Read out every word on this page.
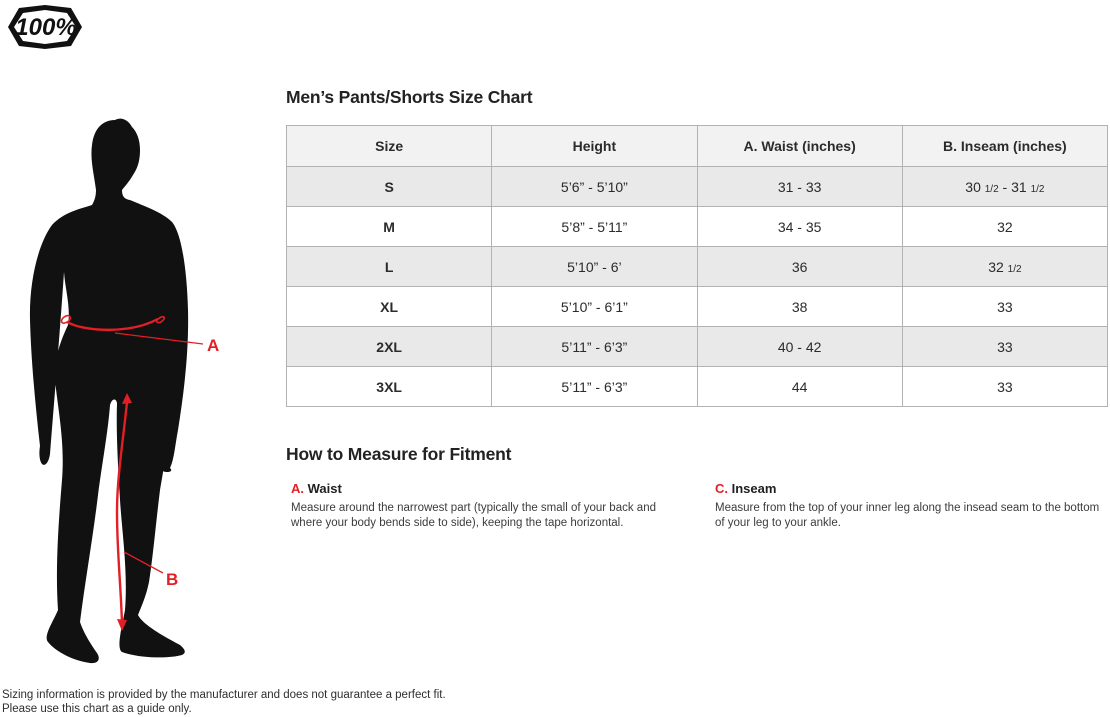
100%
A
B
Men’s Pants/Shorts Size Chart
Size	Height	A. Waist (inches)	B. Inseam (inches)
S	5’6” - 5’10”	31 - 33	30 1/2 - 31 1/2
M	5’8” - 5’11”	34 - 35	32
L	5’10” - 6’	36	32 1/2
XL	5’10” - 6’1”	38	33
2XL	5’11” - 6’3”	40 - 42	33
3XL	5’11” - 6’3”	44	33
How to Measure for Fitment
A. Waist
Measure around the narrowest part (typically the small of your back and where your body bends side to side), keeping the tape horizontal.
C. Inseam
Measure from the top of your inner leg along the insead seam to the bottom of your leg to your ankle.
Sizing information is provided by the manufacturer and does not guarantee a perfect fit.
Please use this chart as a guide only.
